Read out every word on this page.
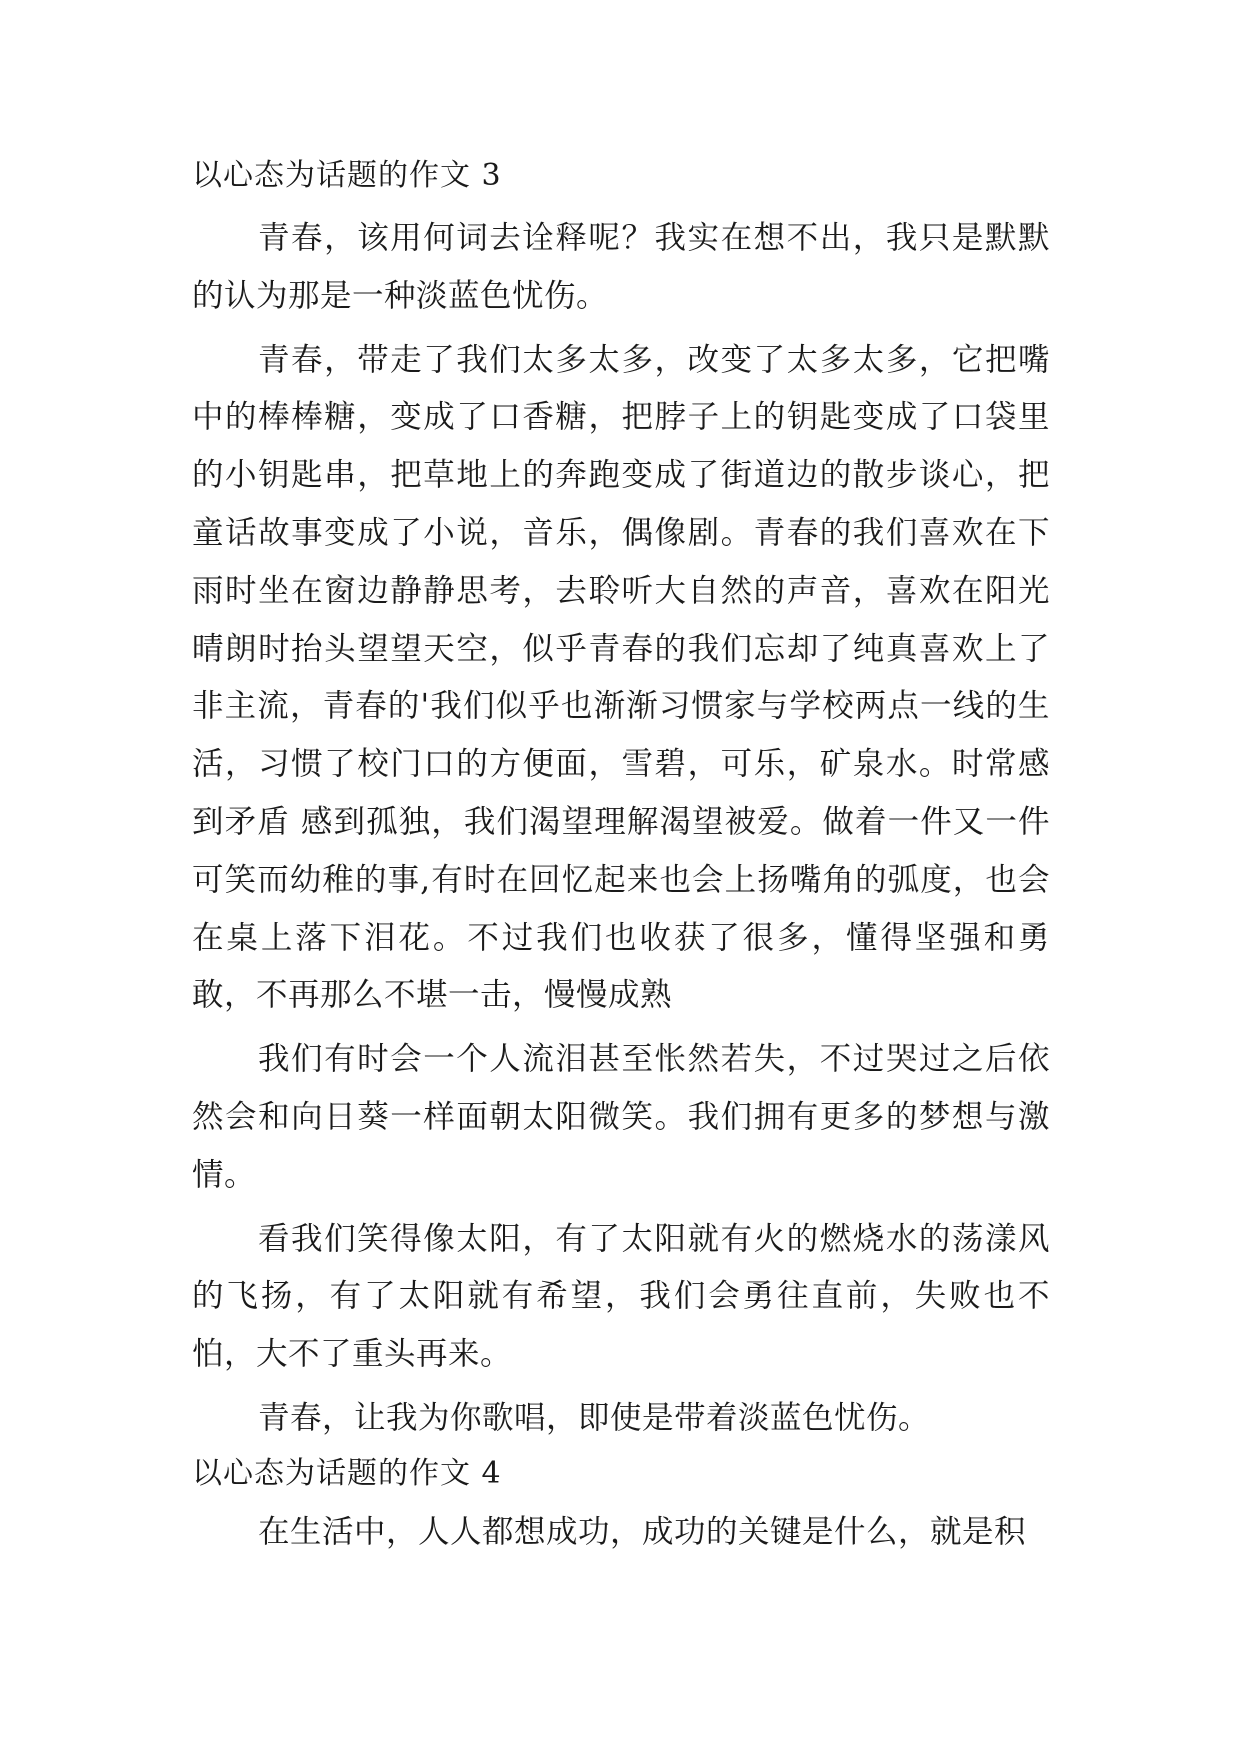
以心态为话题的作文 3

青春，该用何词去诠释呢？我实在想不出，我只是默默的认为那是一种淡蓝色忧伤。

青春，带走了我们太多太多，改变了太多太多，它把嘴中的棒棒糖，变成了口香糖，把脖子上的钥匙变成了口袋里的小钥匙串，把草地上的奔跑变成了街道边的散步谈心，把童话故事变成了小说，音乐，偶像剧。青春的我们喜欢在下雨时坐在窗边静静思考，去聆听大自然的声音，喜欢在阳光晴朗时抬头望望天空，似乎青春的我们忘却了纯真喜欢上了非主流，青春的'我们似乎也渐渐习惯家与学校两点一线的生活，习惯了校门口的方便面，雪碧，可乐，矿泉水。时常感到矛盾 感到孤独，我们渴望理解渴望被爱。做着一件又一件可笑而幼稚的事,有时在回忆起来也会上扬嘴角的弧度，也会在桌上落下泪花。不过我们也收获了很多，懂得坚强和勇敢，不再那么不堪一击，慢慢成熟

我们有时会一个人流泪甚至怅然若失，不过哭过之后依然会和向日葵一样面朝太阳微笑。我们拥有更多的梦想与激情。

看我们笑得像太阳，有了太阳就有火的燃烧水的荡漾风的飞扬，有了太阳就有希望，我们会勇往直前，失败也不怕，大不了重头再来。

青春，让我为你歌唱，即使是带着淡蓝色忧伤。

以心态为话题的作文 4

在生活中，人人都想成功，成功的关键是什么，就是积
